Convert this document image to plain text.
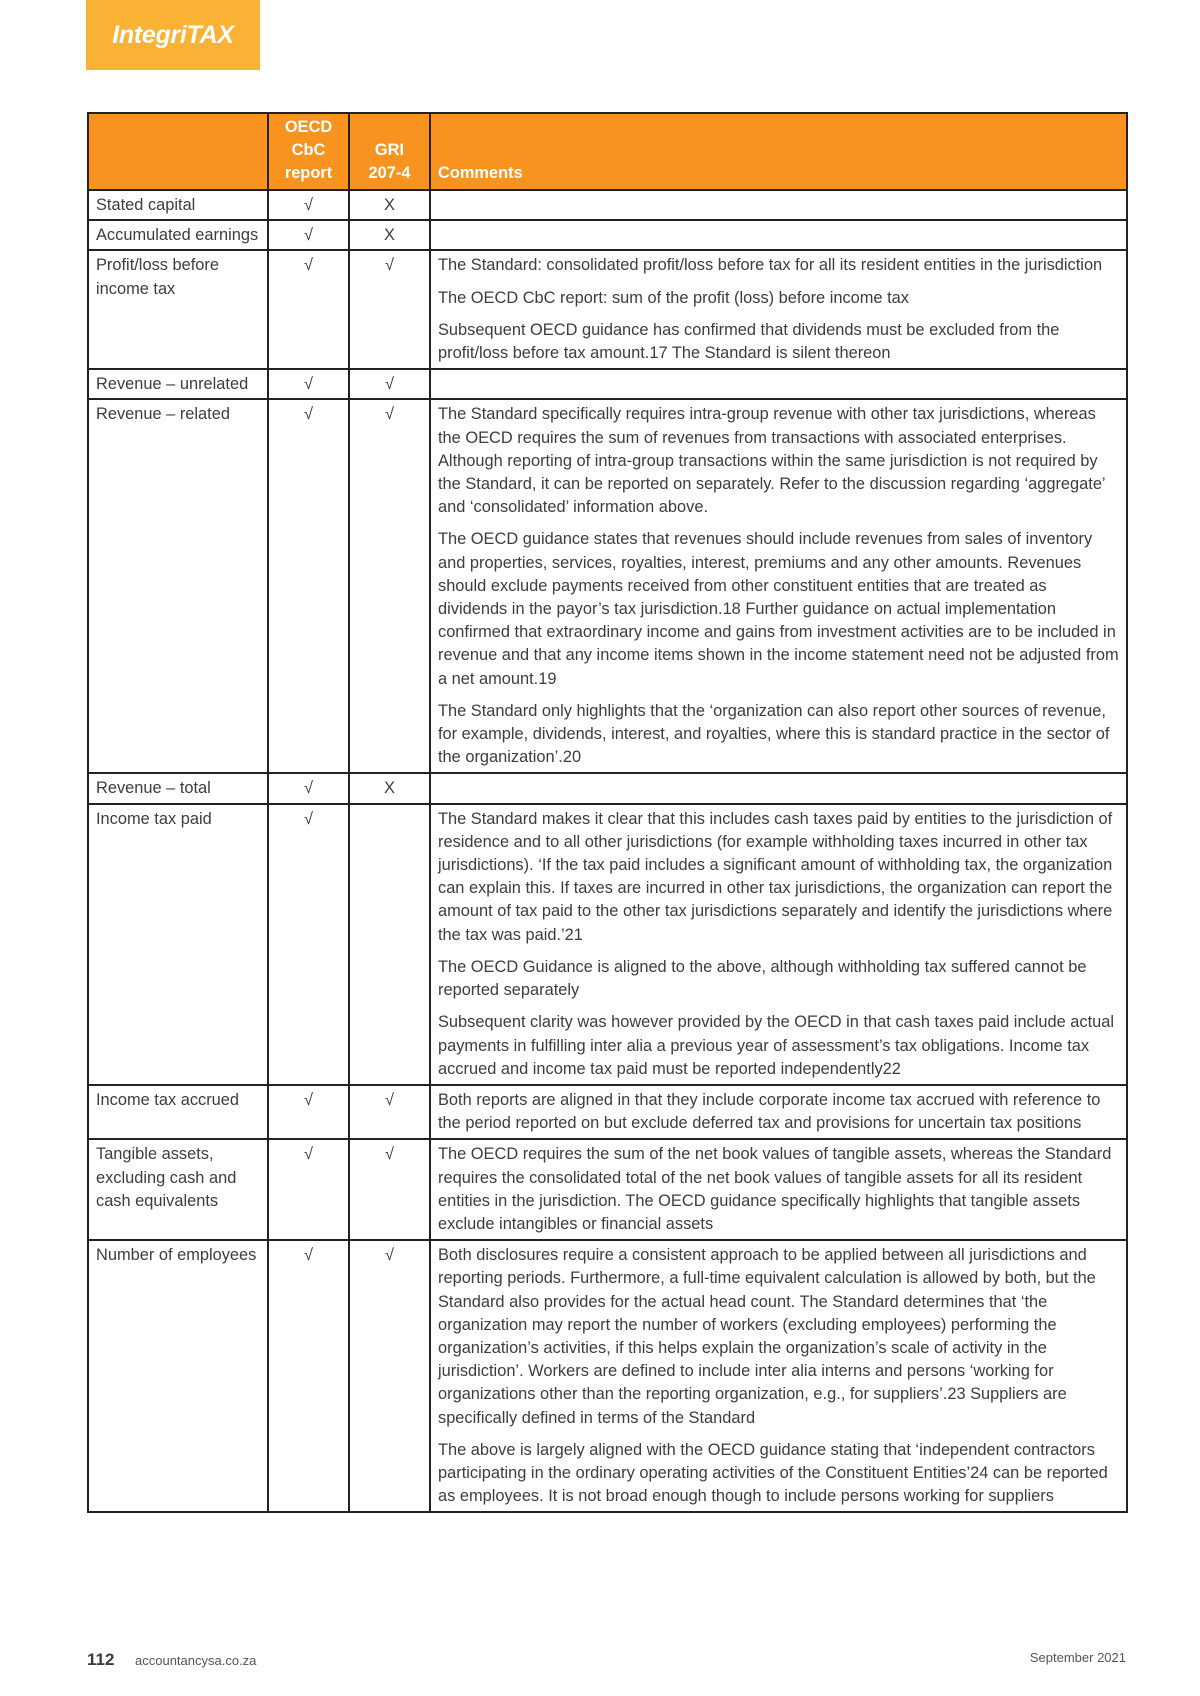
IntegriTAX
	OECD
CbC
report	GRI
207-4	Comments
Stated capital	√	X	
Accumulated earnings	√	X	
Profit/loss before income tax	√	√	The Standard: consolidated profit/loss before tax for all its resident entities in the jurisdiction

The OECD CbC report: sum of the profit (loss) before income tax

Subsequent OECD guidance has confirmed that dividends must be excluded from the profit/loss before tax amount.17 The Standard is silent thereon

Revenue – unrelated	√	√	
Revenue – related	√	√	The Standard specifically requires intra-group revenue with other tax jurisdictions, whereas the OECD requires the sum of revenues from transactions with associated enterprises. Although reporting of intra-group transactions within the same jurisdiction is not required by the Standard, it can be reported on separately. Refer to the discussion regarding ‘aggregate’ and ‘consolidated’ information above.

The OECD guidance states that revenues should include revenues from sales of inventory and properties, services, royalties, interest, premiums and any other amounts. Revenues should exclude payments received from other constituent entities that are treated as dividends in the payor’s tax jurisdiction.18 Further guidance on actual implementation confirmed that extraordinary income and gains from investment activities are to be included in revenue and that any income items shown in the income statement need not be adjusted from a net amount.19

The Standard only highlights that the ‘organization can also report other sources of revenue, for example, dividends, interest, and royalties, where this is standard practice in the sector of the organization’.20

Revenue – total	√	X	
Income tax paid	√		The Standard makes it clear that this includes cash taxes paid by entities to the jurisdiction of residence and to all other jurisdictions (for example withholding taxes incurred in other tax jurisdictions). ‘If the tax paid includes a significant amount of withholding tax, the organization can explain this. If taxes are incurred in other tax jurisdictions, the organization can report the amount of tax paid to the other tax jurisdictions separately and identify the jurisdictions where the tax was paid.’21

The OECD Guidance is aligned to the above, although withholding tax suffered cannot be reported separately

Subsequent clarity was however provided by the OECD in that cash taxes paid include actual payments in fulfilling inter alia a previous year of assessment’s tax obligations. Income tax accrued and income tax paid must be reported independently22

Income tax accrued	√	√	Both reports are aligned in that they include corporate income tax accrued with reference to the period reported on but exclude deferred tax and provisions for uncertain tax positions

Tangible assets, excluding cash and cash equivalents	√	√	The OECD requires the sum of the net book values of tangible assets, whereas the Standard requires the consolidated total of the net book values of tangible assets for all its resident entities in the jurisdiction. The OECD guidance specifically highlights that tangible assets exclude intangibles or financial assets

Number of employees	√	√	Both disclosures require a consistent approach to be applied between all jurisdictions and reporting periods. Furthermore, a full-time equivalent calculation is allowed by both, but the Standard also provides for the actual head count. The Standard determines that ‘the organization may report the number of workers (excluding employees) performing the organization’s activities, if this helps explain the organization’s scale of activity in the jurisdiction’. Workers are defined to include inter alia interns and persons ‘working for organizations other than the reporting organization, e.g., for suppliers’.23 Suppliers are specifically defined in terms of the Standard

The above is largely aligned with the OECD guidance stating that ‘independent contractors participating in the ordinary operating activities of the Constituent Entities’24 can be reported as employees. It is not broad enough though to include persons working for suppliers

112 accountancysa.co.za	September 2021
